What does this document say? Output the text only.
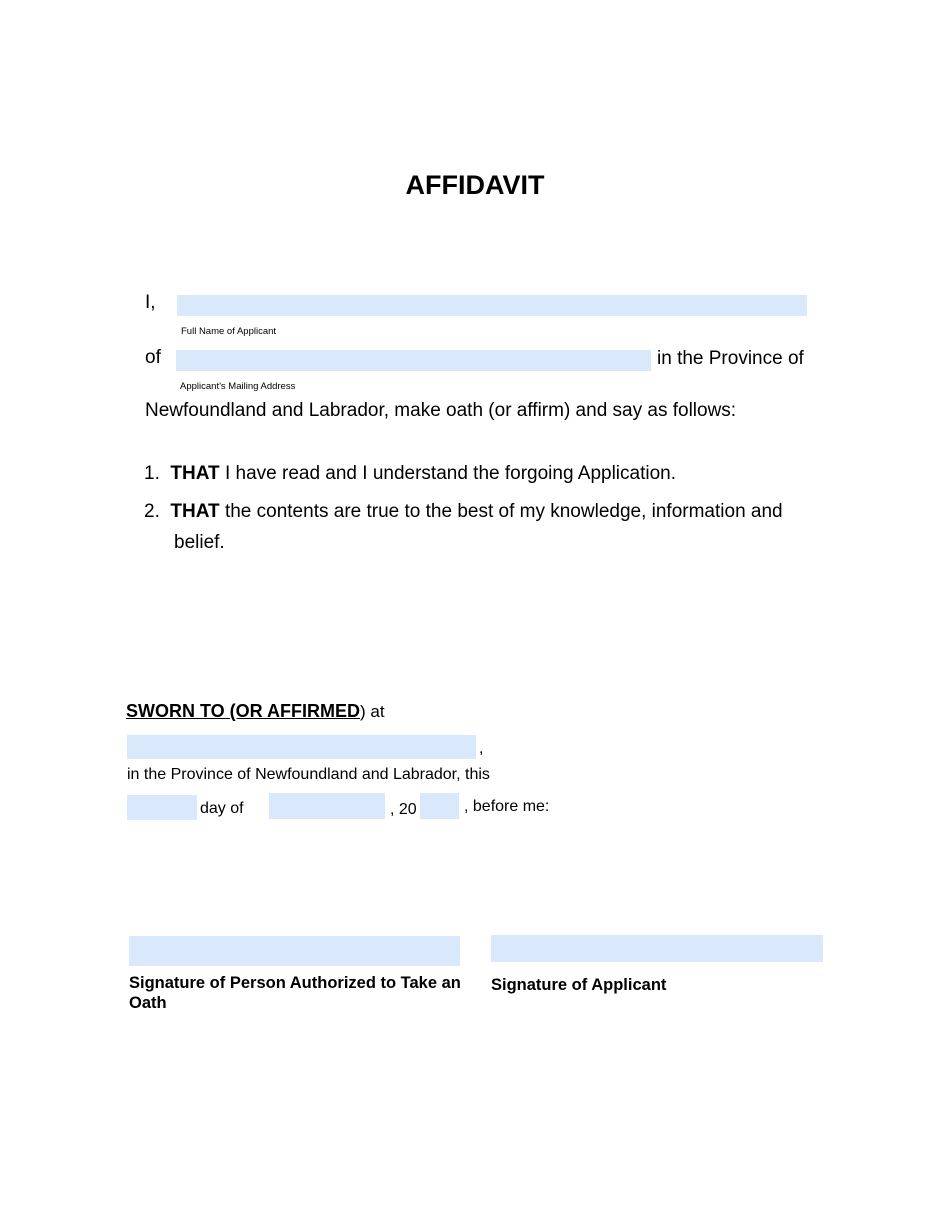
AFFIDAVIT
I,
Full Name of Applicant
of	in the Province of
Applicant's Mailing Address
Newfoundland and Labrador, make oath (or affirm) and say as follows:
1. THAT I have read and I understand the forgoing Application.
2. THAT the contents are true to the best of my knowledge, information and
belief.
SWORN TO (OR AFFIRMED) at
,
in the Province of Newfoundland and Labrador, this
day of	, 20	, before me:
Signature of Person Authorized to Take an Oath
Signature of Applicant
